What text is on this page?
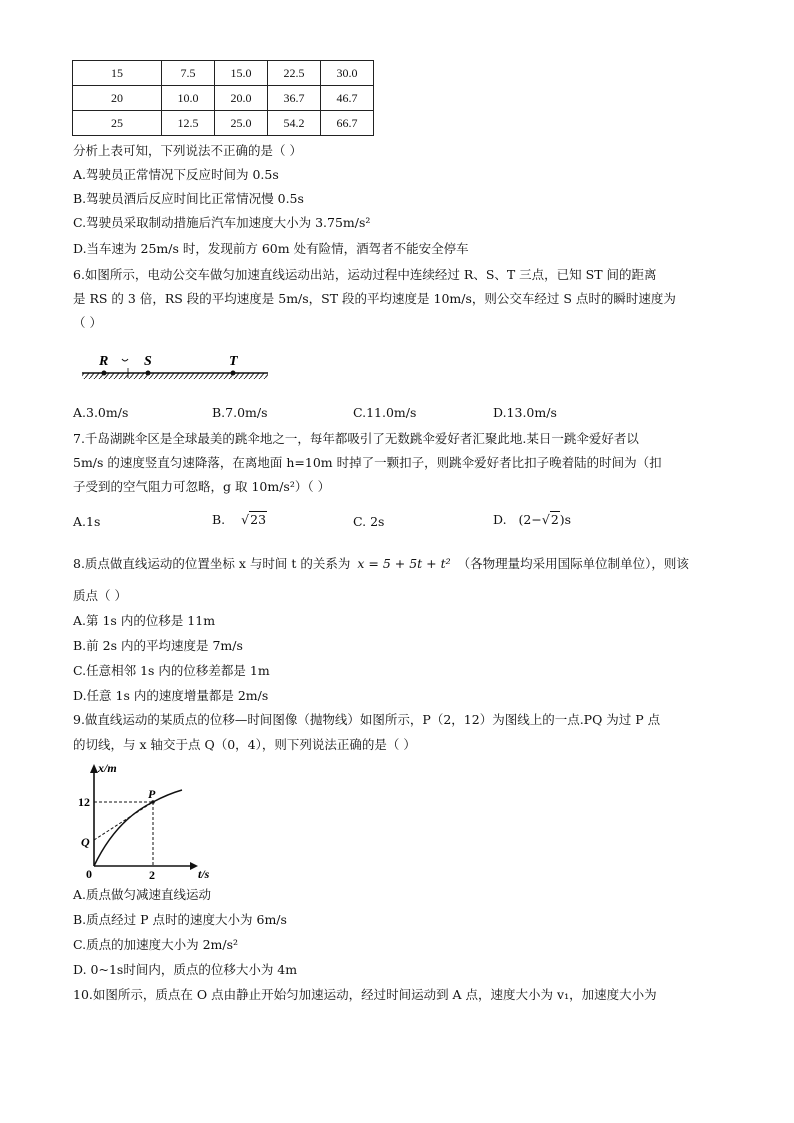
15	7.5	15.0	22.5	30.0
20	10.0	20.0	36.7	46.7
25	12.5	25.0	54.2	66.7
分析上表可知，下列说法不正确的是（ ）
A.驾驶员正常情况下反应时间为 0.5s
B.驾驶员酒后反应时间比正常情况慢 0.5s
C.驾驶员采取制动措施后汽车加速度大小为 3.75m/s²
D.当车速为 25m/s 时，发现前方 60m 处有险情，酒驾者不能安全停车
6.如图所示，电动公交车做匀加速直线运动出站，运动过程中连续经过 R、S、T 三点，已知 ST 间的距离
是 RS 的 3 倍，RS 段的平均速度是 5m/s，ST 段的平均速度是 10m/s，则公交车经过 S 点时的瞬时速度为
（ ）
R	S	T
A.3.0m/s	B.7.0m/s	C.11.0m/s	D.13.0m/s
7.千岛湖跳伞区是全球最美的跳伞地之一，每年都吸引了无数跳伞爱好者汇聚此地.某日一跳伞爱好者以
5m/s 的速度竖直匀速降落，在离地面 h=10m 时掉了一颗扣子，则跳伞爱好者比扣子晚着陆的时间为（扣
子受到的空气阻力可忽略，g 取 10m/s²）（ ）
A.1s	B. √23	C. 2s	D. (2−√2)s
8.质点做直线运动的位置坐标 x 与时间 t 的关系为 x = 5 + 5t + t² （各物理量均采用国际单位制单位），则该
质点（ ）
A.第 1s 内的位移是 11m
B.前 2s 内的平均速度是 7m/s
C.任意相邻 1s 内的位移差都是 1m
D.任意 1s 内的速度增量都是 2m/s
9.做直线运动的某质点的位移—时间图像（抛物线）如图所示，P（2，12）为图线上的一点.PQ 为过 P 点
的切线，与 x 轴交于点 Q（0，4），则下列说法正确的是（ ）
x/m
t/s
12
2
0
P
Q
A.质点做匀减速直线运动
B.质点经过 P 点时的速度大小为 6m/s
C.质点的加速度大小为 2m/s²
D. 0~1s时间内，质点的位移大小为 4m
10.如图所示，质点在 O 点由静止开始匀加速运动，经过时间运动到 A 点，速度大小为 v₁，加速度大小为
